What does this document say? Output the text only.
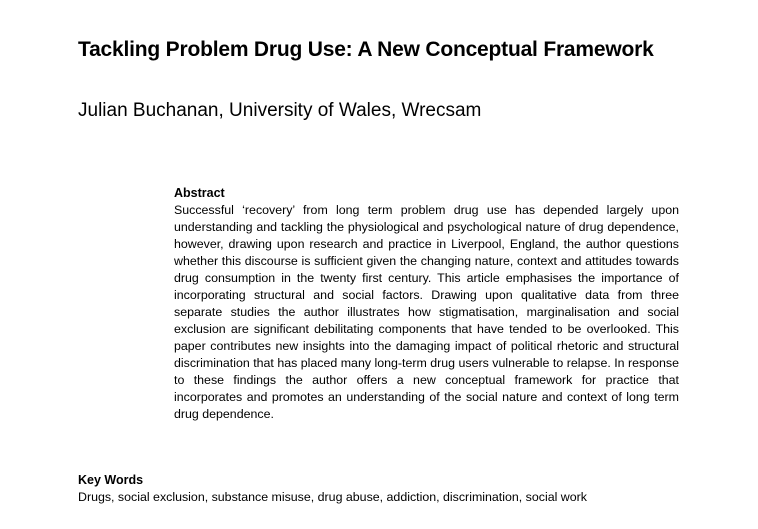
Tackling Problem Drug Use: A New Conceptual Framework
Julian Buchanan, University of Wales, Wrecsam
Abstract

Successful ‘recovery’ from long term problem drug use has depended largely upon understanding and tackling the physiological and psychological nature of drug dependence, however, drawing upon research and practice in Liverpool, England, the author questions whether this discourse is sufficient given the changing nature, context and attitudes towards drug consumption in the twenty first century. This article emphasises the importance of incorporating structural and social factors. Drawing upon qualitative data from three separate studies the author illustrates how stigmatisation, marginalisation and social exclusion are significant debilitating components that have tended to be overlooked. This paper contributes new insights into the damaging impact of political rhetoric and structural discrimination that has placed many long-term drug users vulnerable to relapse. In response to these findings the author offers a new conceptual framework for practice that incorporates and promotes an understanding of the social nature and context of long term drug dependence.

Key Words
Drugs, social exclusion, substance misuse, drug abuse, addiction, discrimination, social work
